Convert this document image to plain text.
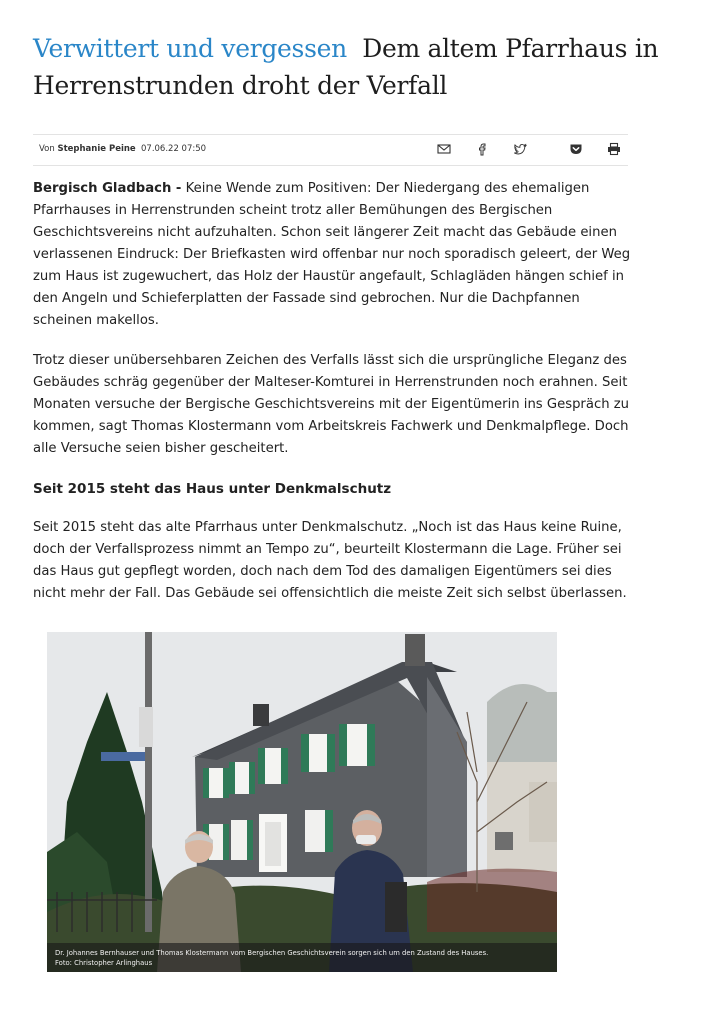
Verwittert und vergessen Dem altem Pfarrhaus in Herrenstrunden droht der Verfall
Von Stephanie Peine 07.06.22 07:50

Bergisch Gladbach - Keine Wende zum Positiven: Der Niedergang des ehemaligen Pfarrhauses in Herrenstrunden scheint trotz aller Bemühungen des Bergischen Geschichtsvereins nicht aufzuhalten. Schon seit längerer Zeit macht das Gebäude einen verlassenen Eindruck: Der Briefkasten wird offenbar nur noch sporadisch geleert, der Weg zum Haus ist zugewuchert, das Holz der Haustür angefault, Schlagläden hängen schief in den Angeln und Schieferplatten der Fassade sind gebrochen. Nur die Dachpfannen scheinen makellos.

Trotz dieser unübersehbaren Zeichen des Verfalls lässt sich die ursprüngliche Eleganz des Gebäudes schräg gegenüber der Malteser-Komturei in Herrenstrunden noch erahnen. Seit Monaten versuche der Bergische Geschichtsvereins mit der Eigentümerin ins Gespräch zu kommen, sagt Thomas Klostermann vom Arbeitskreis Fachwerk und Denkmalpflege. Doch alle Versuche seien bisher gescheitert.

Seit 2015 steht das Haus unter Denkmalschutz

Seit 2015 steht das alte Pfarrhaus unter Denkmalschutz. „Noch ist das Haus keine Ruine, doch der Verfallsprozess nimmt an Tempo zu“, beurteilt Klostermann die Lage. Früher sei das Haus gut gepflegt worden, doch nach dem Tod des damaligen Eigentümers sei dies nicht mehr der Fall. Das Gebäude sei offensichtlich die meiste Zeit sich selbst überlassen.

Dr. Johannes Bernhauser und Thomas Klostermann vom Bergischen Geschichtsverein sorgen sich um den Zustand des Hauses.
Foto: Christopher Arlinghaus
